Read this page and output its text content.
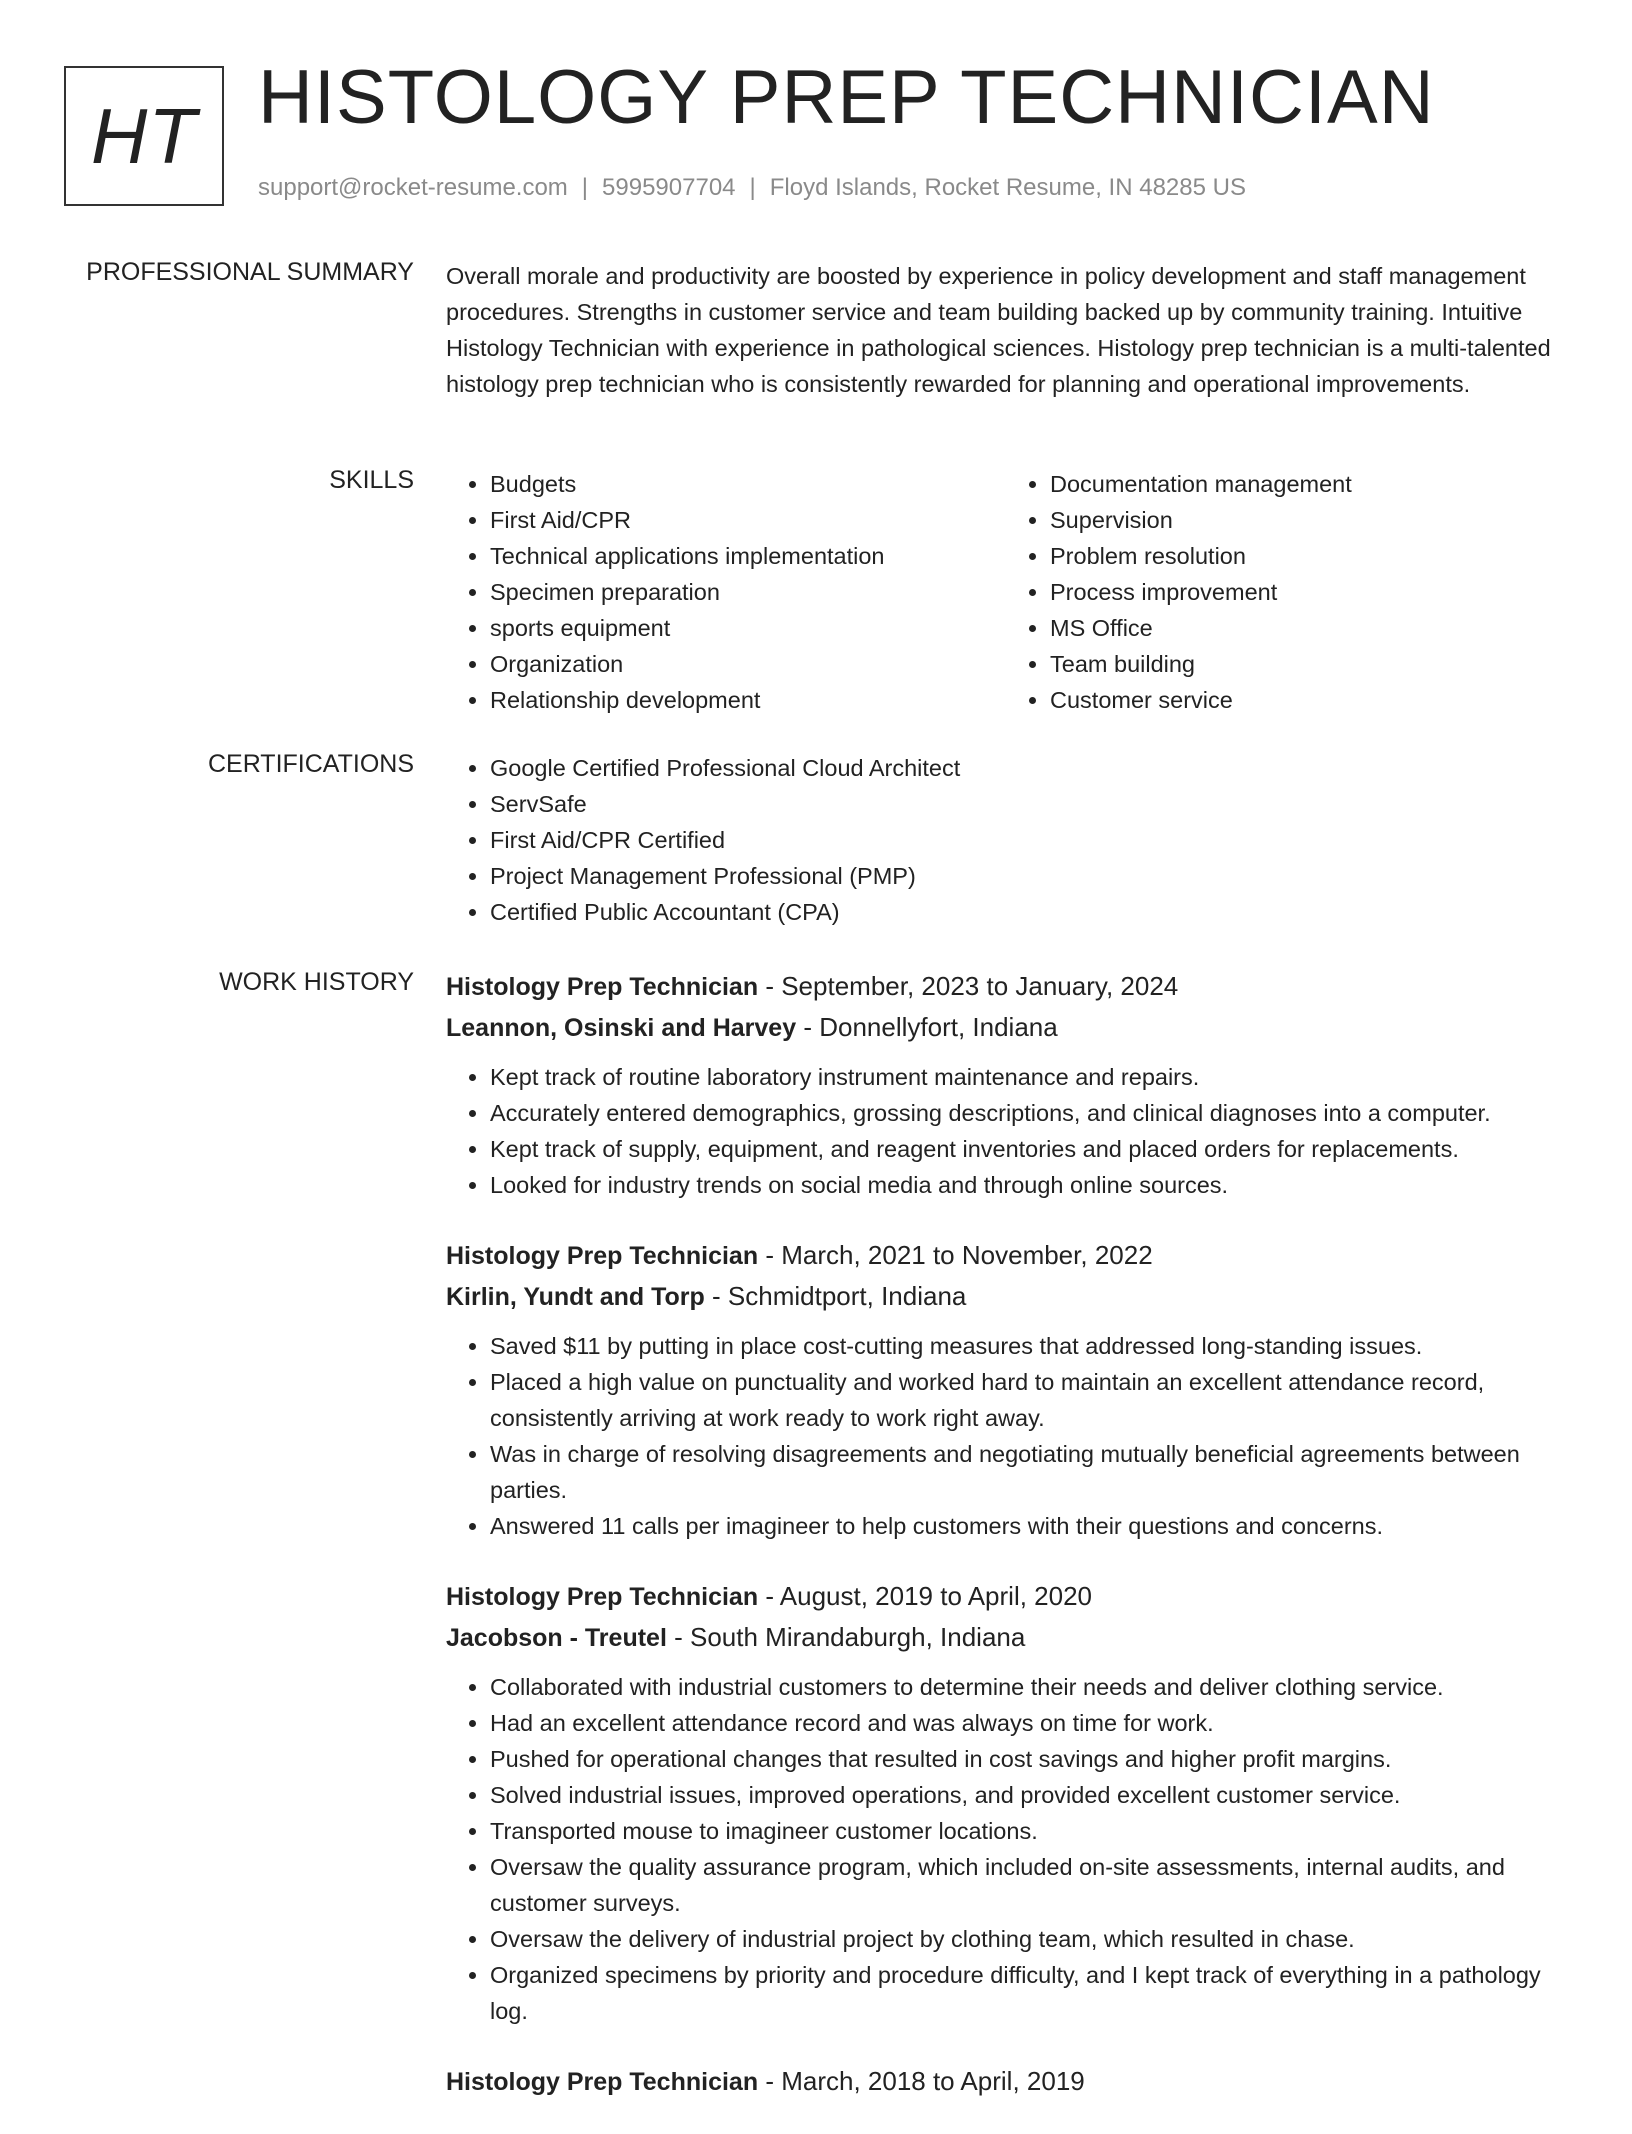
HT HISTOLOGY PREP TECHNICIAN
support@rocket-resume.com | 5995907704 | Floyd Islands, Rocket Resume, IN 48285 US
PROFESSIONAL SUMMARY Overall morale and productivity are boosted by experience in policy development and staff management procedures. Strengths in customer service and team building backed up by community training. Intuitive Histology Technician with experience in pathological sciences. Histology prep technician is a multi-talented histology prep technician who is consistently rewarded for planning and operational improvements.

SKILLS	• Budgets
• First Aid/CPR
• Technical applications implementation
• Specimen preparation
• sports equipment
• Organization
• Relationship development
• Documentation management
• Supervision
• Problem resolution
• Process improvement
• MS Office
• Team building
• Customer service
CERTIFICATIONS	• Google Certified Professional Cloud Architect
• ServSafe
• First Aid/CPR Certified
• Project Management Professional (PMP)
• Certified Public Accountant (CPA)
WORK HISTORY Histology Prep Technician - September, 2023 to January, 2024
Leannon, Osinski and Harvey - Donnellyfort, Indiana
• Kept track of routine laboratory instrument maintenance and repairs.
• Accurately entered demographics, grossing descriptions, and clinical diagnoses into a computer.
• Kept track of supply, equipment, and reagent inventories and placed orders for replacements.
• Looked for industry trends on social media and through online sources.
Histology Prep Technician - March, 2021 to November, 2022
Kirlin, Yundt and Torp - Schmidtport, Indiana
• Saved $11 by putting in place cost-cutting measures that addressed long-standing issues.
• Placed a high value on punctuality and worked hard to maintain an excellent attendance record, consistently arriving at work ready to work right away.
• Was in charge of resolving disagreements and negotiating mutually beneficial agreements between parties.
• Answered 11 calls per imagineer to help customers with their questions and concerns.
Histology Prep Technician - August, 2019 to April, 2020
Jacobson - Treutel - South Mirandaburgh, Indiana
• Collaborated with industrial customers to determine their needs and deliver clothing service.
• Had an excellent attendance record and was always on time for work.
• Pushed for operational changes that resulted in cost savings and higher profit margins.
• Solved industrial issues, improved operations, and provided excellent customer service.
• Transported mouse to imagineer customer locations.
• Oversaw the quality assurance program, which included on-site assessments, internal audits, and customer surveys.
• Oversaw the delivery of industrial project by clothing team, which resulted in chase.
• Organized specimens by priority and procedure difficulty, and I kept track of everything in a pathology log.
Histology Prep Technician - March, 2018 to April, 2019
